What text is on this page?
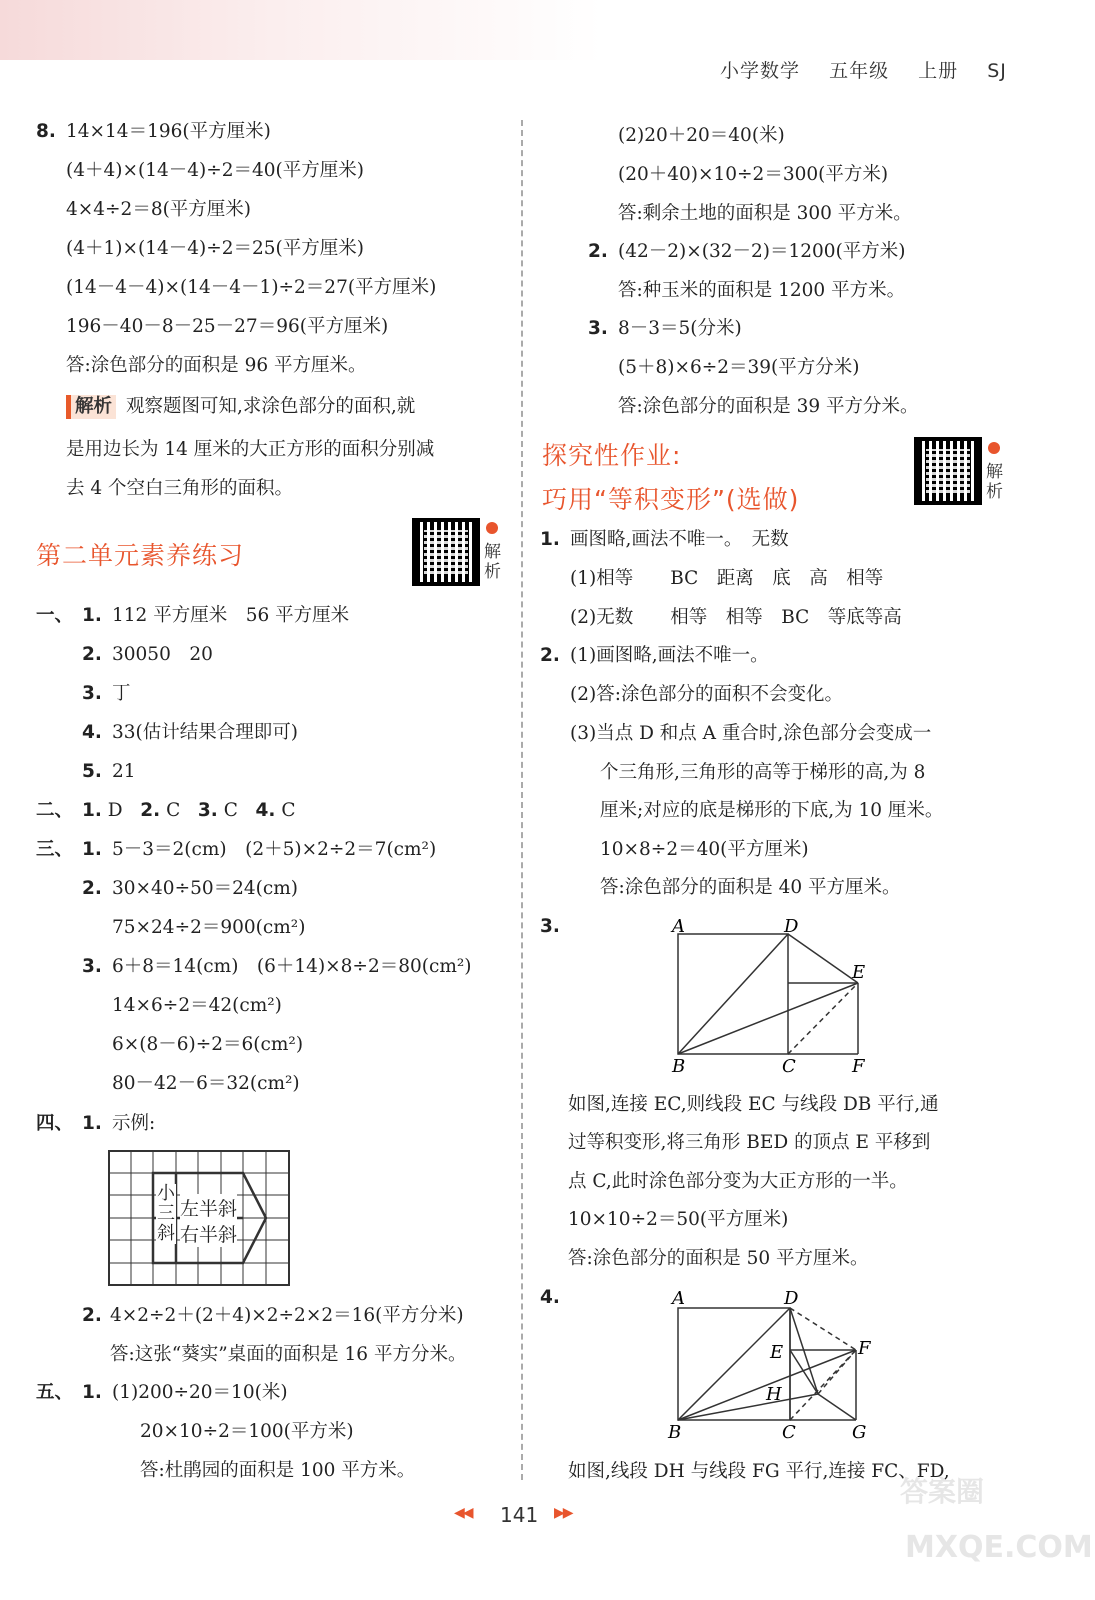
小学数学 五年级 上册 SJ
8. 14×14＝196(平方厘米)
(4＋4)×(14－4)÷2＝40(平方厘米)
4×4÷2＝8(平方厘米)
(4＋1)×(14－4)÷2＝25(平方厘米)
(14－4－4)×(14－4－1)÷2＝27(平方厘米)
196－40－8－25－27＝96(平方厘米)
答:涂色部分的面积是 96 平方厘米。
解析 观察题图可知,求涂色部分的面积,就
是用边长为 14 厘米的大正方形的面积分别减
去 4 个空白三角形的面积。
第二单元素养练习	解析
一、 1. 112 平方厘米　56 平方厘米
2. 30050　20
3. 丁
4. 33(估计结果合理即可)
5. 21
二、 1. D 2. C 3. C 4. C
三、 1. 5－3＝2(cm)　(2＋5)×2÷2＝7(cm²)
2. 30×40÷50＝24(cm)
75×24÷2＝900(cm²)
3. 6＋8＝14(cm)　(6＋14)×8÷2＝80(cm²)
14×6÷2＝42(cm²)
6×(8－6)÷2＝6(cm²)
80－42－6＝32(cm²)
四、 1. 示例:
小
三
斜
左半斜
右半斜
2. 4×2÷2＋(2＋4)×2÷2×2＝16(平方分米)
答:这张“葵实”桌面的面积是 16 平方分米。
五、 1. (1)200÷20＝10(米)
20×10÷2＝100(平方米)
答:杜鹃园的面积是 100 平方米。
(2)20＋20＝40(米)
(20＋40)×10÷2＝300(平方米)
答:剩余土地的面积是 300 平方米。
2. (42－2)×(32－2)＝1200(平方米)
答:种玉米的面积是 1200 平方米。
3. 8－3＝5(分米)
(5＋8)×6÷2＝39(平方分米)
答:涂色部分的面积是 39 平方分米。
探究性作业:
巧用“等积变形”(选做)
解析
1. 画图略,画法不唯一。　无数
(1)相等　　BC　距离　底　高　相等
(2)无数　　相等　相等　BC　等底等高
2. (1)画图略,画法不唯一。
(2)答:涂色部分的面积不会变化。
(3)当点 D 和点 A 重合时,涂色部分会变成一
个三角形,三角形的高等于梯形的高,为 8
厘米;对应的底是梯形的下底,为 10 厘米。
10×8÷2＝40(平方厘米)
答:涂色部分的面积是 40 平方厘米。
3.	A	D
E
B	C	F
如图,连接 EC,则线段 EC 与线段 DB 平行,通
过等积变形,将三角形 BED 的顶点 E 平移到
点 C,此时涂色部分变为大正方形的一半。
10×10÷2＝50(平方厘米)
答:涂色部分的面积是 50 平方厘米。
4.	A	D
E	F
H
B	C	G
如图,线段 DH 与线段 FG 平行,连接 FC、FD,
◀◀ 141 ▶▶
答案圈
MXQE.COM
